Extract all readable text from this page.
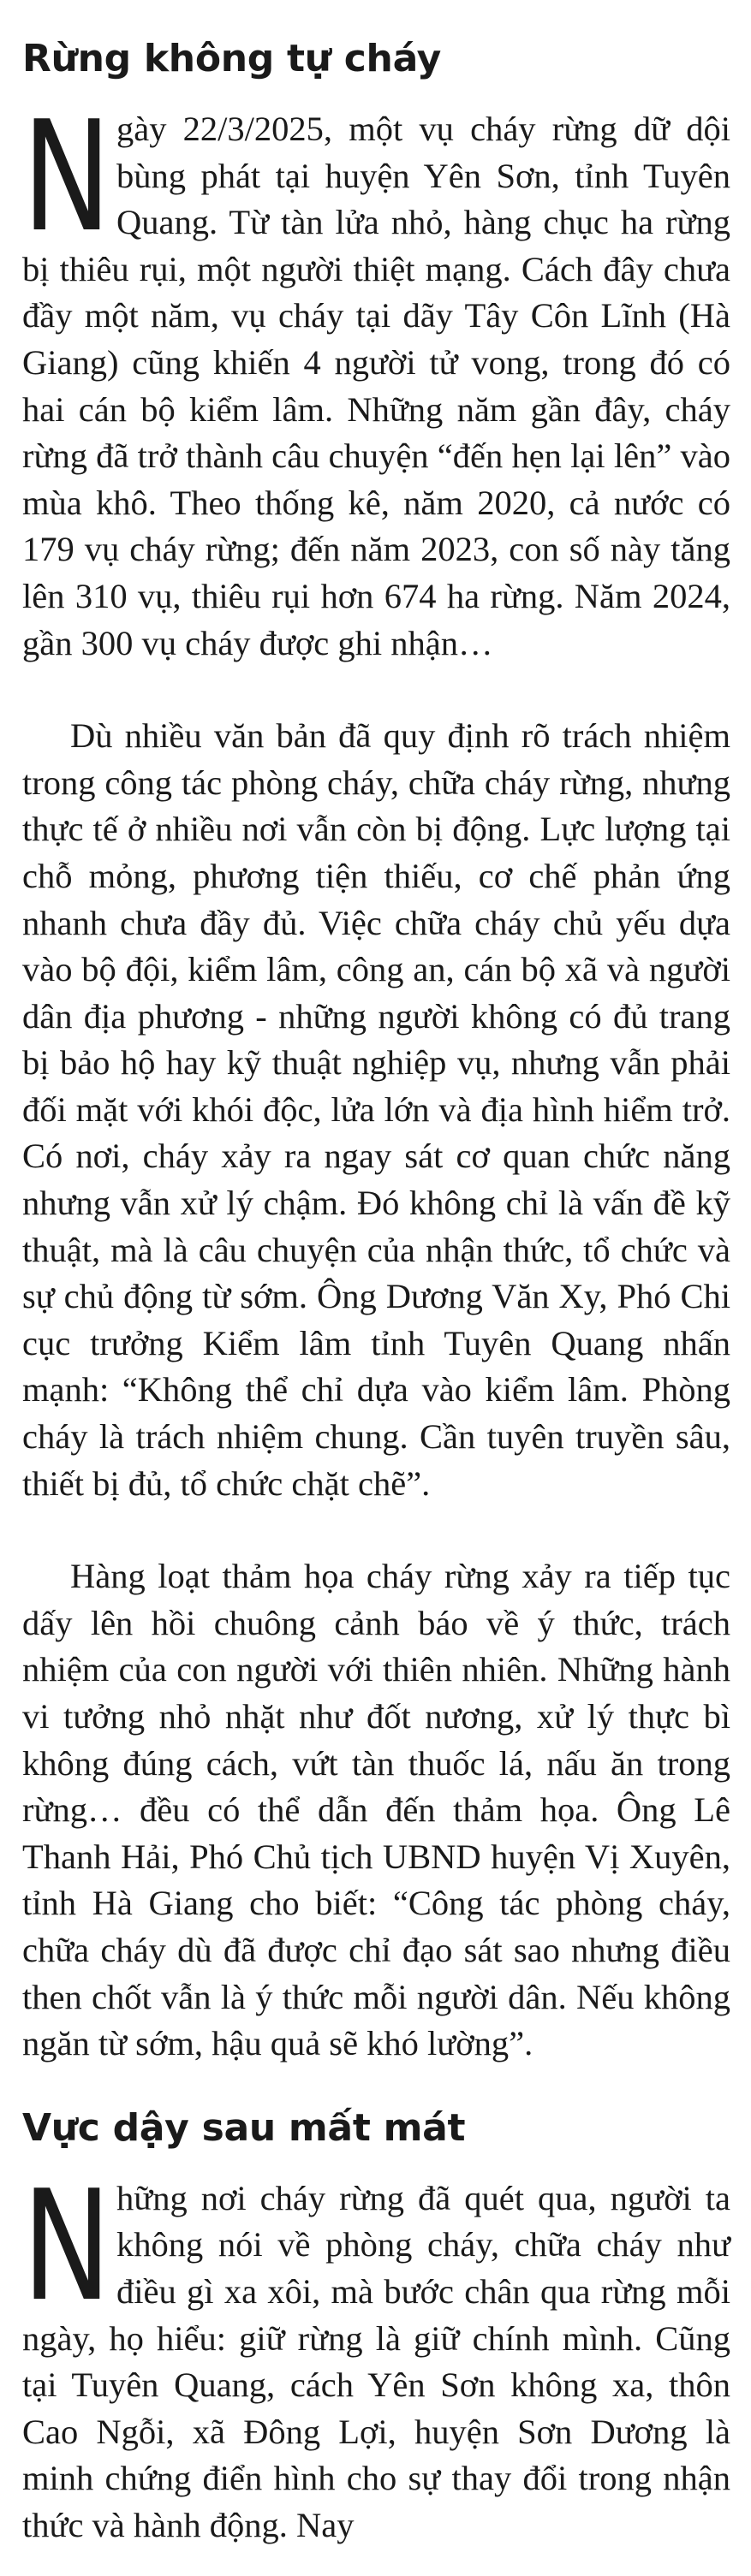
Rừng không tự cháy

Ngày 22/3/2025, một vụ cháy rừng dữ dội bùng phát tại huyện Yên Sơn, tỉnh Tuyên Quang. Từ tàn lửa nhỏ, hàng chục ha rừng bị thiêu rụi, một người thiệt mạng. Cách đây chưa đầy một năm, vụ cháy tại dãy Tây Côn Lĩnh (Hà Giang) cũng khiến 4 người tử vong, trong đó có hai cán bộ kiểm lâm. Những năm gần đây, cháy rừng đã trở thành câu chuyện “đến hẹn lại lên” vào mùa khô. Theo thống kê, năm 2020, cả nước có 179 vụ cháy rừng; đến năm 2023, con số này tăng lên 310 vụ, thiêu rụi hơn 674 ha rừng. Năm 2024, gần 300 vụ cháy được ghi nhận…

Dù nhiều văn bản đã quy định rõ trách nhiệm trong công tác phòng cháy, chữa cháy rừng, nhưng thực tế ở nhiều nơi vẫn còn bị động. Lực lượng tại chỗ mỏng, phương tiện thiếu, cơ chế phản ứng nhanh chưa đầy đủ. Việc chữa cháy chủ yếu dựa vào bộ đội, kiểm lâm, công an, cán bộ xã và người dân địa phương - những người không có đủ trang bị bảo hộ hay kỹ thuật nghiệp vụ, nhưng vẫn phải đối mặt với khói độc, lửa lớn và địa hình hiểm trở. Có nơi, cháy xảy ra ngay sát cơ quan chức năng nhưng vẫn xử lý chậm. Đó không chỉ là vấn đề kỹ thuật, mà là câu chuyện của nhận thức, tổ chức và sự chủ động từ sớm. Ông Dương Văn Xy, Phó Chi cục trưởng Kiểm lâm tỉnh Tuyên Quang nhấn mạnh: “Không thể chỉ dựa vào kiểm lâm. Phòng cháy là trách nhiệm chung. Cần tuyên truyền sâu, thiết bị đủ, tổ chức chặt chẽ”.

Hàng loạt thảm họa cháy rừng xảy ra tiếp tục dấy lên hồi chuông cảnh báo về ý thức, trách nhiệm của con người với thiên nhiên. Những hành vi tưởng nhỏ nhặt như đốt nương, xử lý thực bì không đúng cách, vứt tàn thuốc lá, nấu ăn trong rừng… đều có thể dẫn đến thảm họa. Ông Lê Thanh Hải, Phó Chủ tịch UBND huyện Vị Xuyên, tỉnh Hà Giang cho biết: “Công tác phòng cháy, chữa cháy dù đã được chỉ đạo sát sao nhưng điều then chốt vẫn là ý thức mỗi người dân. Nếu không ngăn từ sớm, hậu quả sẽ khó lường”.

Vực dậy sau mất mát

Những nơi cháy rừng đã quét qua, người ta không nói về phòng cháy, chữa cháy như điều gì xa xôi, mà bước chân qua rừng mỗi ngày, họ hiểu: giữ rừng là giữ chính mình. Cũng tại Tuyên Quang, cách Yên Sơn không xa, thôn Cao Ngỗi, xã Đông Lợi, huyện Sơn Dương là minh chứng điển hình cho sự thay đổi trong nhận thức và hành động. Nay
